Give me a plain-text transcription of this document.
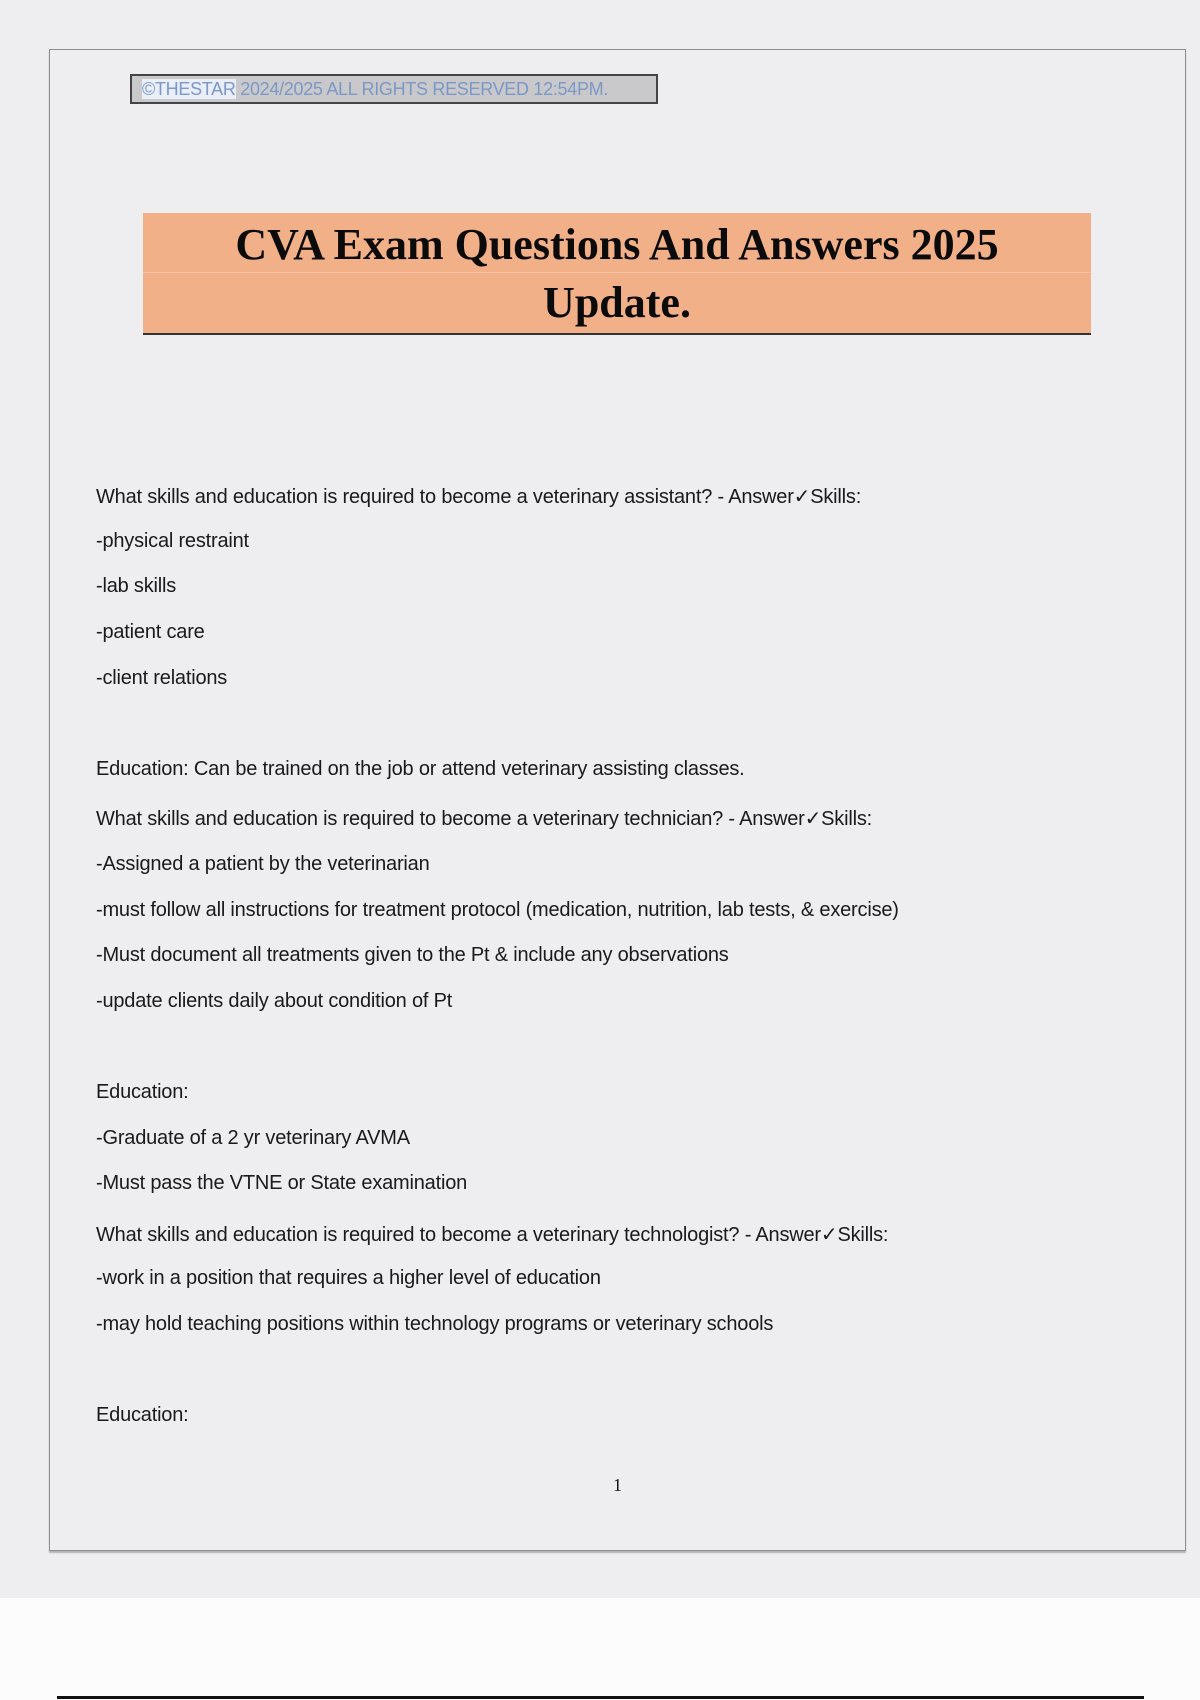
©THESTAR 2024/2025 ALL RIGHTS RESERVED 12:54PM.
CVA Exam Questions And Answers 2025
Update.
1
What skills and education is required to become a veterinary assistant? - Answer✓Skills:
-physical restraint
-lab skills
-patient care
-client relations
Education: Can be trained on the job or attend veterinary assisting classes.
What skills and education is required to become a veterinary technician? - Answer✓Skills:
-Assigned a patient by the veterinarian
-must follow all instructions for treatment protocol (medication, nutrition, lab tests, & exercise)
-Must document all treatments given to the Pt & include any observations
-update clients daily about condition of Pt
Education:
-Graduate of a 2 yr veterinary AVMA
-Must pass the VTNE or State examination
What skills and education is required to become a veterinary technologist? - Answer✓Skills:
-work in a position that requires a higher level of education
-may hold teaching positions within technology programs or veterinary schools
Education:
